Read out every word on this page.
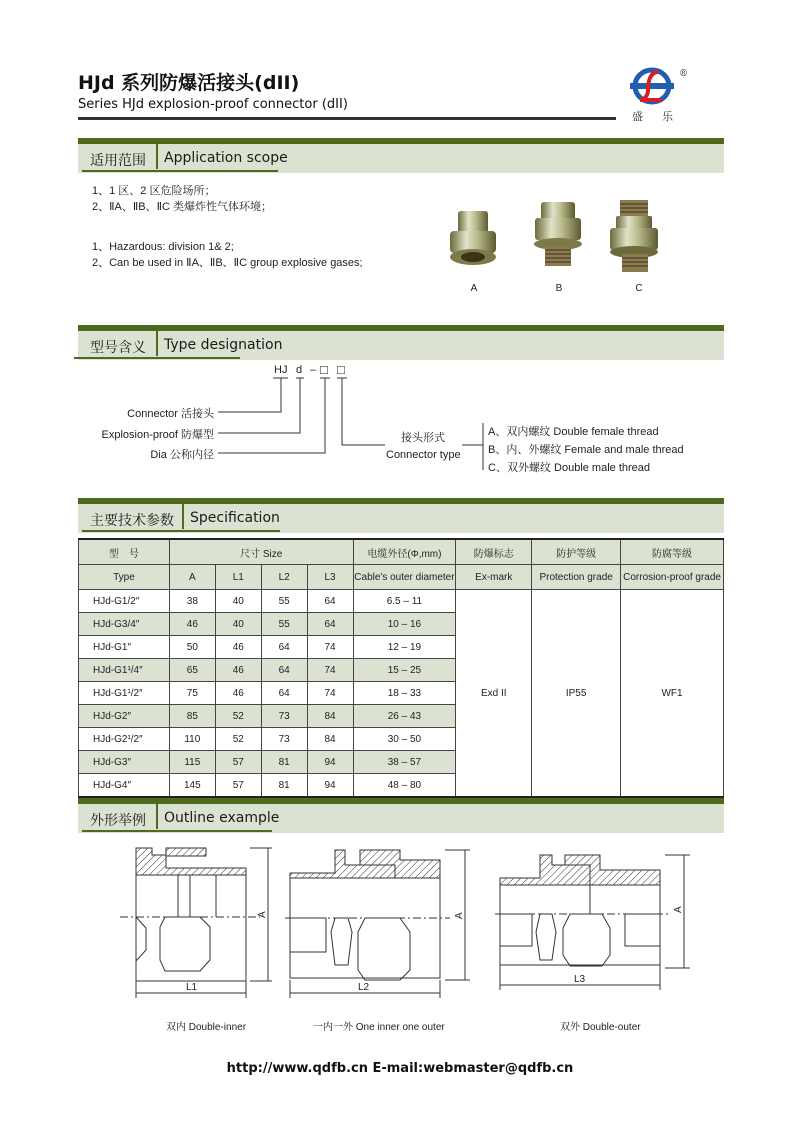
HJd 系列防爆活接头(dII)
Series HJd explosion-proof connector (dII)
®
盛 乐
适用范围 Application scope
1、1 区、2 区危险场所；
2、ⅡA、ⅡB、ⅡC 类爆炸性气体环境；
1、Hazardous: division 1& 2;
2、Can be used in ⅡA、ⅡB、ⅡC group explosive gases;
A	B	C
型号含义 Type designation
HJ d – □ □
Connector 活接头
Explosion-proof 防爆型
Dia 公称内径
接头形式
Connector type
A、双内螺纹 Double female thread
B、内、外螺纹 Female and male thread
C、双外螺纹 Double male thread
主要技术参数 Specification
型　号	尺寸 Size				电缆外径(Φ,mm)	防爆标志	防护等级	防腐等级
Type	A	L1	L2	L3	Cable's outer diameter	Ex-mark	Protection grade	Corrosion-proof grade
HJd-G1/2″	38	40	55	64	6.5 – 11	Exd II	IP55	WF1
HJd-G3/4″	46	40	55	64	10 – 16			
HJd-G1″	50	46	64	74	12 – 19			
HJd-G1¹/4″	65	46	64	74	15 – 25			
HJd-G1¹/2″	75	46	64	74	18 – 33			
HJd-G2″	85	52	73	84	26 – 43			
HJd-G2¹/2″	110	52	73	84	30 – 50			
HJd-G3″	115	57	81	94	38 – 57			
HJd-G4″	145	57	81	94	48 – 80			
外形举例 Outline example
L1	L2
L3
A	A
A
双内 Double-inner	一内一外 One inner one outer	双外 Double-outer
http://www.qdfb.cn E-mail:webmaster@qdfb.cn
